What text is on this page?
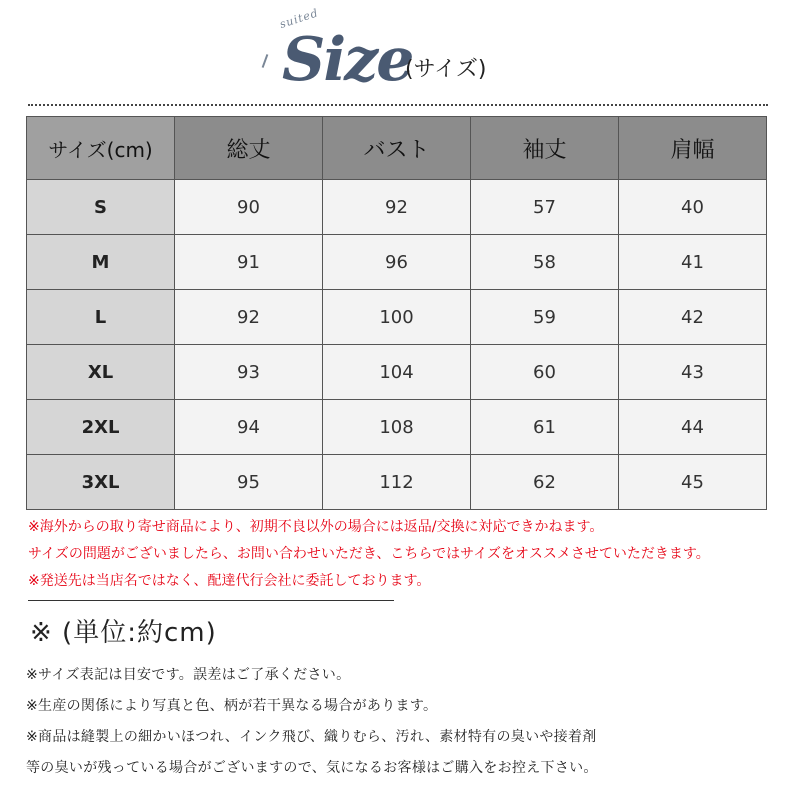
suited
Size
(サイズ)
サイズ(cm)	総丈	バスト	袖丈	肩幅
S	90	92	57	40
M	91	96	58	41
L	92	100	59	42
XL	93	104	60	43
2XL	94	108	61	44
3XL	95	112	62	45
※海外からの取り寄せ商品により、初期不良以外の場合には返品/交換に対応できかねます。
サイズの問題がございましたら、お問い合わせいただき、こちらではサイズをオススメさせていただきます。
※発送先は当店名ではなく、配達代行会社に委託しております。
※ (単位:約cm)
※サイズ表記は目安です。誤差はご了承ください。
※生産の関係により写真と色、柄が若干異なる場合があります。
※商品は縫製上の細かいほつれ、インク飛び、織りむら、汚れ、素材特有の臭いや接着剤
等の臭いが残っている場合がございますので、気になるお客様はご購入をお控え下さい。
